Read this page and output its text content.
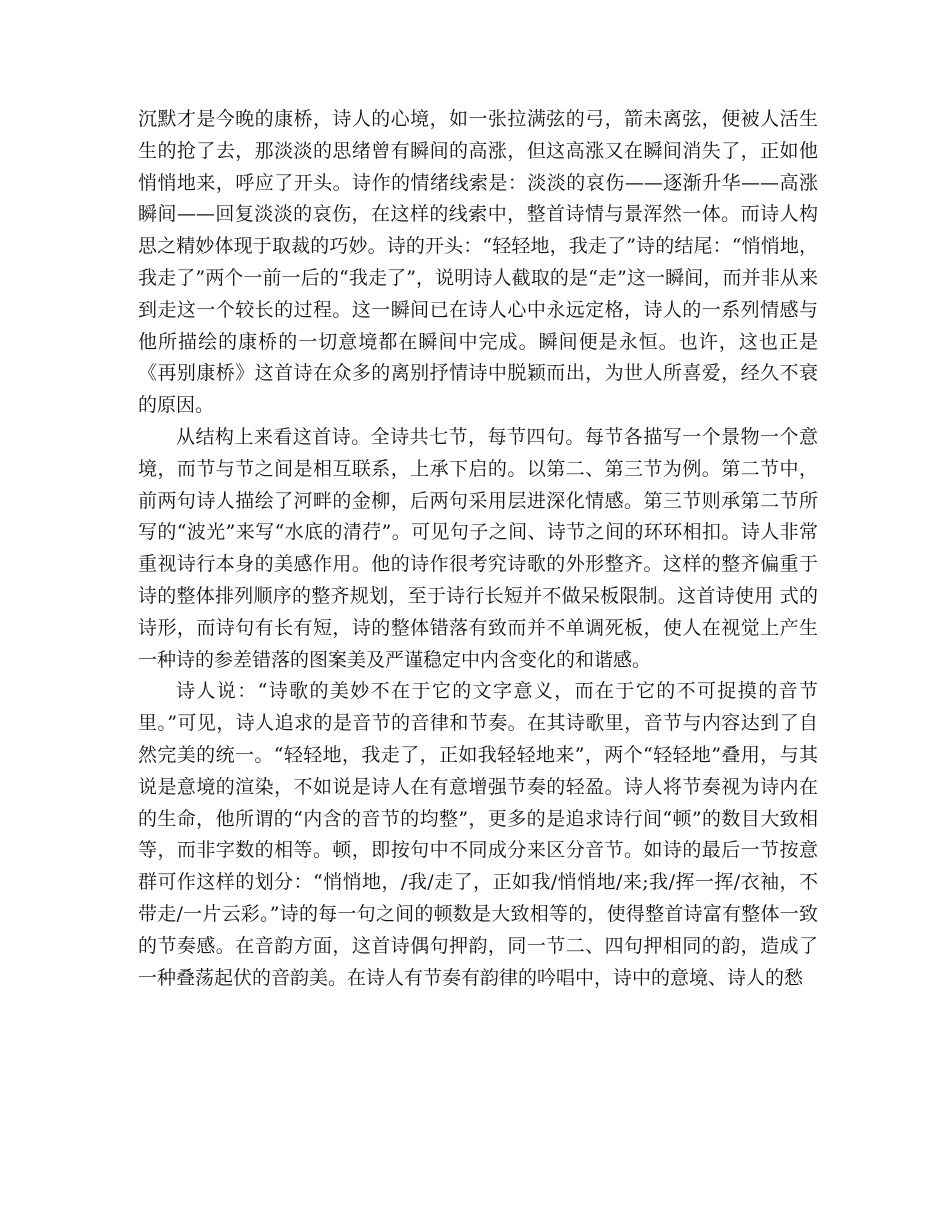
沉默才是今晚的康桥，诗人的心境，如一张拉满弦的弓，箭未离弦，便被人活生生的抢了去，那淡淡的思绪曾有瞬间的高涨，但这高涨又在瞬间消失了，正如他悄悄地来，呼应了开头。诗作的情绪线索是：淡淡的哀伤——逐渐升华——高涨瞬间——回复淡淡的哀伤，在这样的线索中，整首诗情与景浑然一体。而诗人构思之精妙体现于取裁的巧妙。诗的开头：“轻轻地，我走了”诗的结尾：“悄悄地，我走了”两个一前一后的“我走了”，说明诗人截取的是“走”这一瞬间，而并非从来到走这一个较长的过程。这一瞬间已在诗人心中永远定格，诗人的一系列情感与他所描绘的康桥的一切意境都在瞬间中完成。瞬间便是永恒。也许，这也正是《再别康桥》这首诗在众多的离别抒情诗中脱颖而出，为世人所喜爱，经久不衰的原因。

从结构上来看这首诗。全诗共七节，每节四句。每节各描写一个景物一个意境，而节与节之间是相互联系，上承下启的。以第二、第三节为例。第二节中，前两句诗人描绘了河畔的金柳，后两句采用层进深化情感。第三节则承第二节所写的“波光”来写“水底的清荇”。可见句子之间、诗节之间的环环相扣。诗人非常重视诗行本身的美感作用。他的诗作很考究诗歌的外形整齐。这样的整齐偏重于诗的整体排列顺序的整齐规划，至于诗行长短并不做呆板限制。这首诗使用 式的诗形，而诗句有长有短，诗的整体错落有致而并不单调死板，使人在视觉上产生一种诗的参差错落的图案美及严谨稳定中内含变化的和谐感。

诗人说：“诗歌的美妙不在于它的文字意义，而在于它的不可捉摸的音节里。”可见，诗人追求的是音节的音律和节奏。在其诗歌里，音节与内容达到了自然完美的统一。“轻轻地，我走了，正如我轻轻地来”，两个“轻轻地”叠用，与其说是意境的渲染，不如说是诗人在有意增强节奏的轻盈。诗人将节奏视为诗内在的生命，他所谓的“内含的音节的均整”，更多的是追求诗行间“顿”的数目大致相等，而非字数的相等。顿，即按句中不同成分来区分音节。如诗的最后一节按意群可作这样的划分：“悄悄地，/我/走了，正如我/悄悄地/来;我/挥一挥/衣袖，不带走/一片云彩。”诗的每一句之间的顿数是大致相等的，使得整首诗富有整体一致的节奏感。在音韵方面，这首诗偶句押韵，同一节二、四句押相同的韵，造成了一种叠荡起伏的音韵美。在诗人有节奏有韵律的吟唱中，诗中的意境、诗人的愁
